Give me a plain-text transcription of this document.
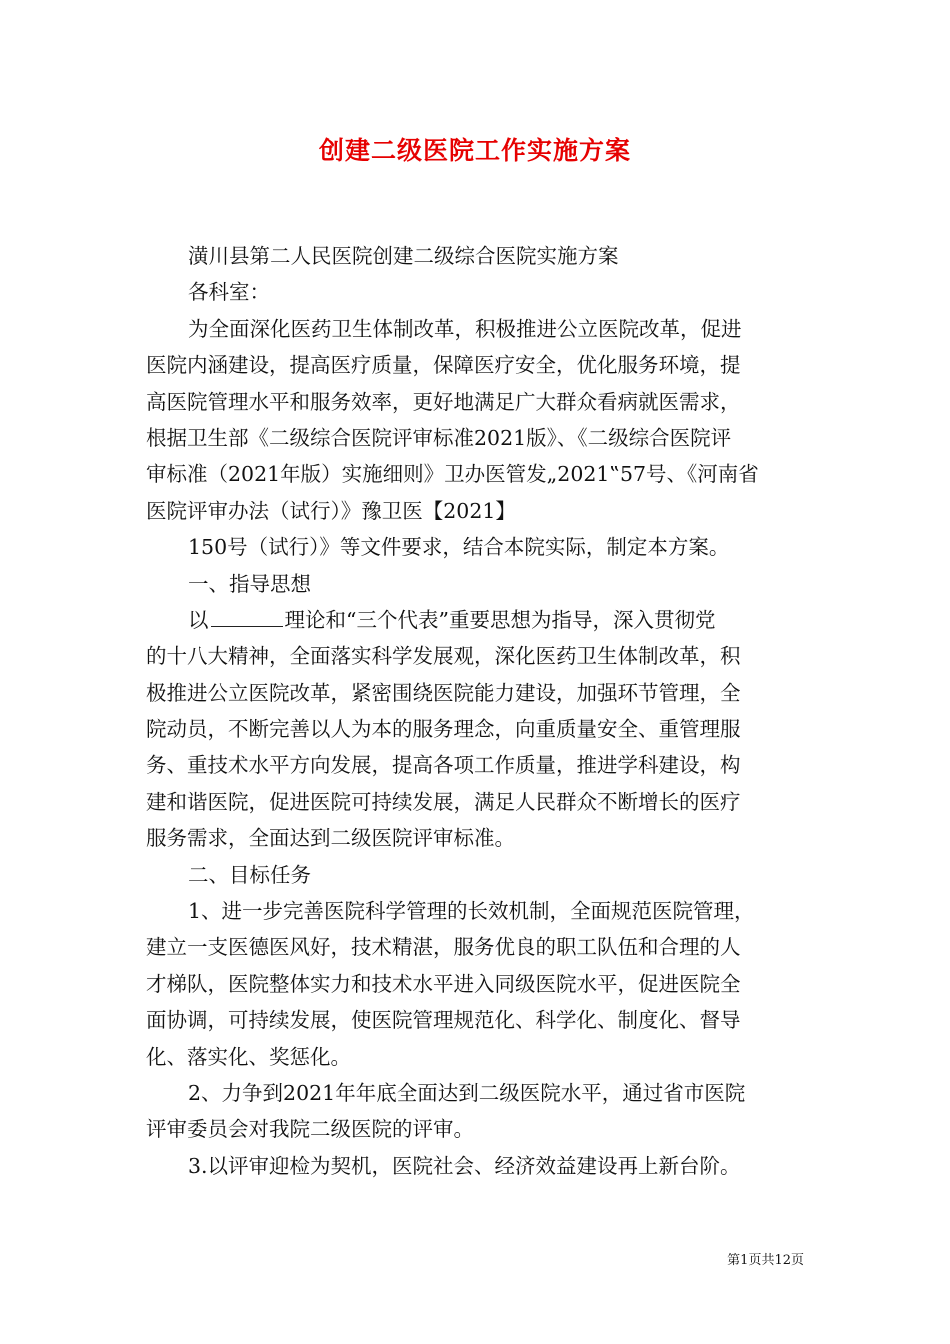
创建二级医院工作实施方案
潢川县第二人民医院创建二级综合医院实施方案
各科室：
为全面深化医药卫生体制改革，积极推进公立医院改革，促进
医院内涵建设，提高医疗质量，保障医疗安全，优化服务环境，提
高医院管理水平和服务效率，更好地满足广大群众看病就医需求，
根据卫生部《二级综合医院评审标准2021版》、《二级综合医院评
审标准（2021年版）实施细则》卫办医管发„2021‟57号、《河南省
医院评审办法（试行）》豫卫医【2021】
150号（试行）》等文件要求，结合本院实际，制定本方案。
一、指导思想
以	理论和“三个代表”重要思想为指导，深入贯彻党
的十八大精神，全面落实科学发展观，深化医药卫生体制改革，积
极推进公立医院改革，紧密围绕医院能力建设，加强环节管理，全
院动员，不断完善以人为本的服务理念，向重质量安全、重管理服
务、重技术水平方向发展，提高各项工作质量，推进学科建设，构
建和谐医院，促进医院可持续发展，满足人民群众不断增长的医疗
服务需求，全面达到二级医院评审标准。
二、目标任务
1、进一步完善医院科学管理的长效机制，全面规范医院管理，
建立一支医德医风好，技术精湛，服务优良的职工队伍和合理的人
才梯队，医院整体实力和技术水平进入同级医院水平，促进医院全
面协调，可持续发展，使医院管理规范化、科学化、制度化、督导
化、落实化、奖惩化。
2、力争到2021年年底全面达到二级医院水平，通过省市医院
评审委员会对我院二级医院的评审。
3.以评审迎检为契机，医院社会、经济效益建设再上新台阶。
第1页共12页
